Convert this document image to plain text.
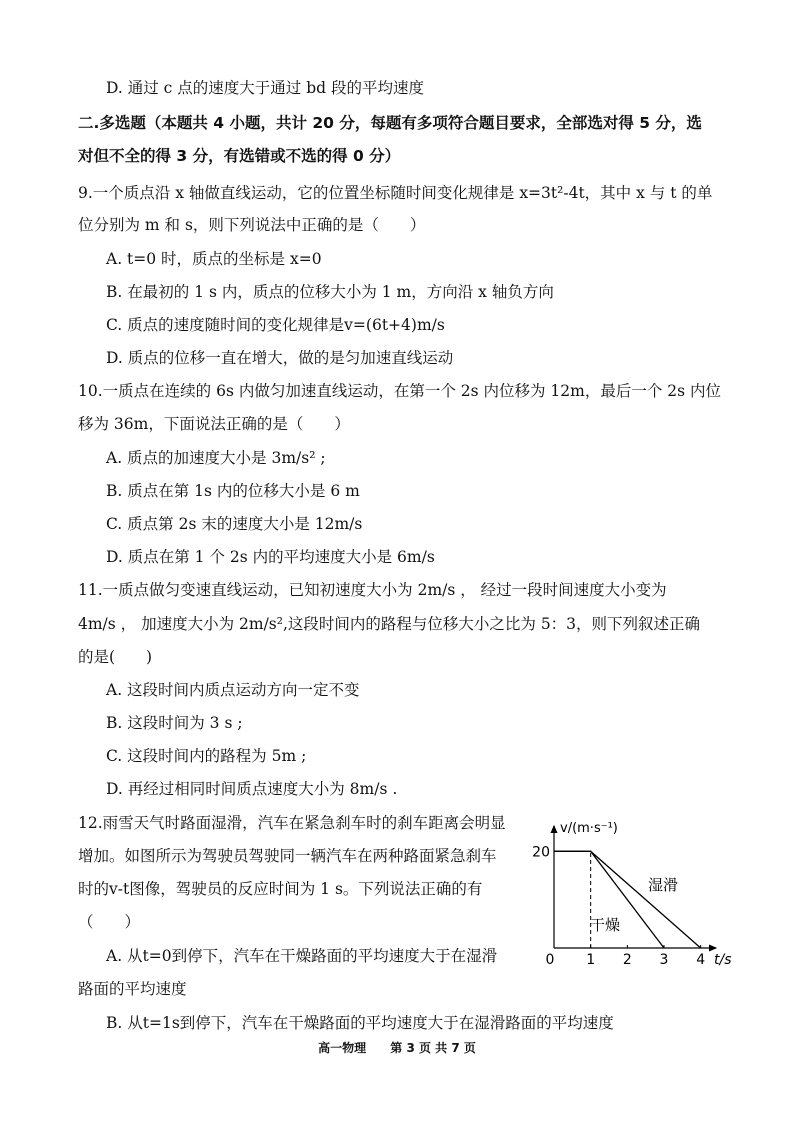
D. 通过 c 点的速度大于通过 bd 段的平均速度
二.多选题（本题共 4 小题，共计 20 分，每题有多项符合题目要求，全部选对得 5 分，选
对但不全的得 3 分，有选错或不选的得 0 分）
9.一个质点沿 x 轴做直线运动，它的位置坐标随时间变化规律是 x=3t²-4t，其中 x 与 t 的单
位分别为 m 和 s，则下列说法中正确的是（　　）
A. t=0 时，质点的坐标是 x=0
B. 在最初的 1 s 内，质点的位移大小为 1 m，方向沿 x 轴负方向
C. 质点的速度随时间的变化规律是v=(6t+4)m/s
D. 质点的位移一直在增大，做的是匀加速直线运动
10.一质点在连续的 6s 内做匀加速直线运动，在第一个 2s 内位移为 12m，最后一个 2s 内位
移为 36m，下面说法正确的是（　　）
A. 质点的加速度大小是 3m/s² ;
B. 质点在第 1s 内的位移大小是 6 m
C. 质点第 2s 末的速度大小是 12m/s
D. 质点在第 1 个 2s 内的平均速度大小是 6m/s
11.一质点做匀变速直线运动，已知初速度大小为 2m/s ， 经过一段时间速度大小变为
4m/s ， 加速度大小为 2m/s²,这段时间内的路程与位移大小之比为 5：3，则下列叙述正确
的是(　　)
A. 这段时间内质点运动方向一定不变
B. 这段时间为 3 s ;
C. 这段时间内的路程为 5m ;
D. 再经过相同时间质点速度大小为 8m/s .
12.雨雪天气时路面湿滑，汽车在紧急刹车时的刹车距离会明显
增加。如图所示为驾驶员驾驶同一辆汽车在两种路面紧急刹车
时的v-t图像，驾驶员的反应时间为 1 s。下列说法正确的有
（　　）
A. 从t=0到停下，汽车在干燥路面的平均速度大于在湿滑
路面的平均速度
B. 从t=1s到停下，汽车在干燥路面的平均速度大于在湿滑路面的平均速度
0 1 2 3 4
20
v/(m·s⁻¹)
t/s
湿滑
干燥
高一物理 第 3 页 共 7 页
